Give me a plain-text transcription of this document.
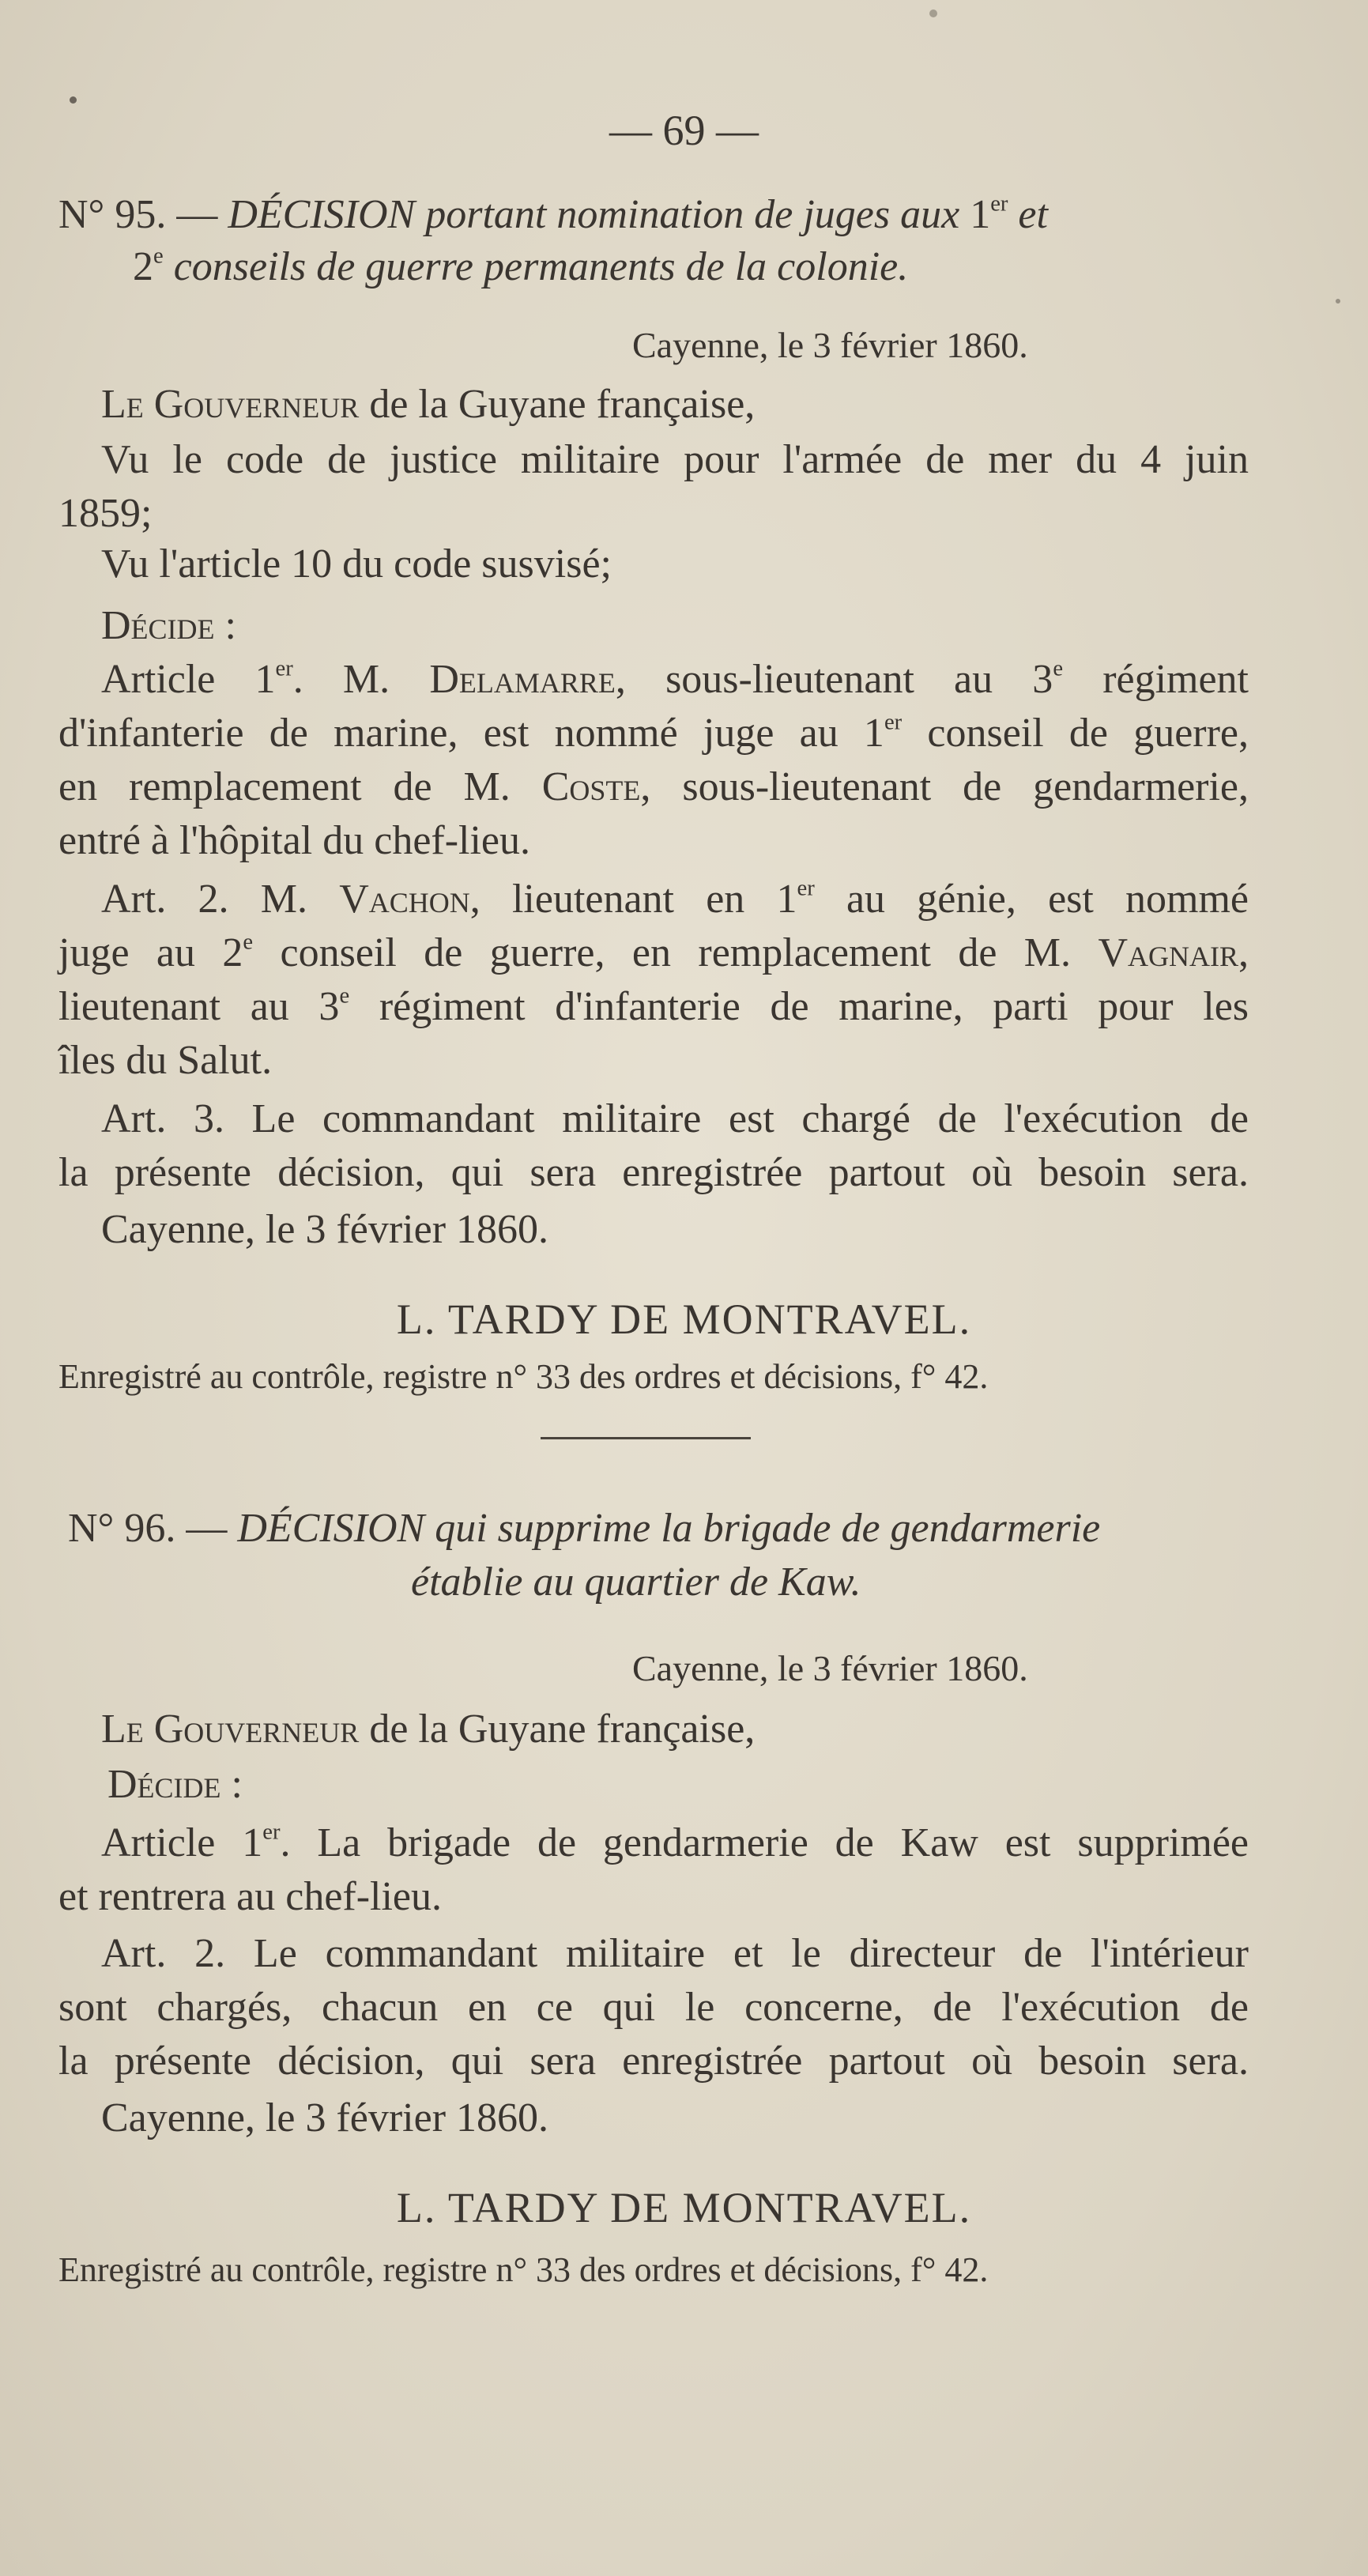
— 69 —
N° 95. — DÉCISION portant nomination de juges aux 1er et
2e conseils de guerre permanents de la colonie.
Cayenne, le 3 février 1860.
Le Gouverneur de la Guyane française,
Vu le code de justice militaire pour l'armée de mer du 4 juin
1859;
Vu l'article 10 du code susvisé;
Décide :
Article 1er. M. Delamarre, sous-lieutenant au 3e régiment
d'infanterie de marine, est nommé juge au 1er conseil de guerre,
en remplacement de M. Coste, sous-lieutenant de gendarmerie,
entré à l'hôpital du chef-lieu.
Art. 2. M. Vachon, lieutenant en 1er au génie, est nommé
juge au 2e conseil de guerre, en remplacement de M. Vagnair,
lieutenant au 3e régiment d'infanterie de marine, parti pour les
îles du Salut.
Art. 3. Le commandant militaire est chargé de l'exécution de
la présente décision, qui sera enregistrée partout où besoin sera.
Cayenne, le 3 février 1860.
L. TARDY DE MONTRAVEL.
Enregistré au contrôle, registre n° 33 des ordres et décisions, f° 42.
N° 96. — DÉCISION qui supprime la brigade de gendarmerie
établie au quartier de Kaw.
Cayenne, le 3 février 1860.
Le Gouverneur de la Guyane française,
Décide :
Article 1er. La brigade de gendarmerie de Kaw est supprimée
et rentrera au chef-lieu.
Art. 2. Le commandant militaire et le directeur de l'intérieur
sont chargés, chacun en ce qui le concerne, de l'exécution de
la présente décision, qui sera enregistrée partout où besoin sera.
Cayenne, le 3 février 1860.
L. TARDY DE MONTRAVEL.
Enregistré au contrôle, registre n° 33 des ordres et décisions, f° 42.
